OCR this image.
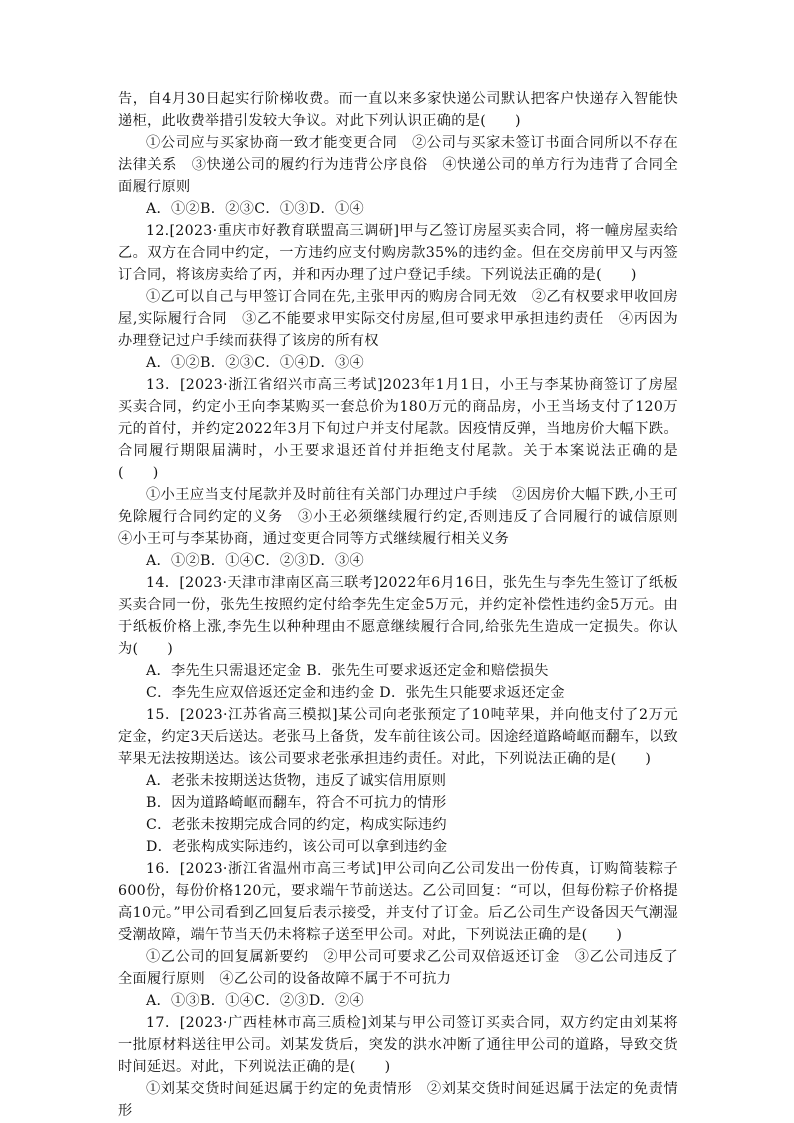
告，自4月30日起实行阶梯收费。而一直以来多家快递公司默认把客户快递存入智能快递柜，此收费举措引发较大争议。对此下列认识正确的是(　　)

①公司应与买家协商一致才能变更合同　②公司与买家未签订书面合同所以不存在法律关系　③快递公司的履约行为违背公序良俗　④快递公司的单方行为违背了合同全面履行原则

A．①②B．②③C．①③D．①④

12.[2023·重庆市好教育联盟高三调研]甲与乙签订房屋买卖合同，将一幢房屋卖给乙。双方在合同中约定，一方违约应支付购房款35%的违约金。但在交房前甲又与丙签订合同，将该房卖给了丙，并和丙办理了过户登记手续。下列说法正确的是(　　)

①乙可以自己与甲签订合同在先,主张甲丙的购房合同无效　②乙有权要求甲收回房屋,实际履行合同　③乙不能要求甲实际交付房屋,但可要求甲承担违约责任　④丙因为办理登记过户手续而获得了该房的所有权

A．①②B．②③C．①④D．③④

13．[2023·浙江省绍兴市高三考试]2023年1月1日，小王与李某协商签订了房屋买卖合同，约定小王向李某购买一套总价为180万元的商品房，小王当场支付了120万元的首付，并约定2022年3月下旬过户并支付尾款。因疫情反弹，当地房价大幅下跌。合同履行期限届满时，小王要求退还首付并拒绝支付尾款。关于本案说法正确的是(　　)

①小王应当支付尾款并及时前往有关部门办理过户手续　②因房价大幅下跌,小王可免除履行合同约定的义务　③小王必须继续履行约定,否则违反了合同履行的诚信原则　④小王可与李某协商，通过变更合同等方式继续履行相关义务

A．①②B．①④C．②③D．③④

14．[2023·天津市津南区高三联考]2022年6月16日，张先生与李先生签订了纸板买卖合同一份，张先生按照约定付给李先生定金5万元，并约定补偿性违约金5万元。由于纸板价格上涨,李先生以种种理由不愿意继续履行合同,给张先生造成一定损失。你认为(　　)

A．李先生只需退还定金 B．张先生可要求返还定金和赔偿损失

C．李先生应双倍返还定金和违约金 D．张先生只能要求返还定金

15．[2023·江苏省高三模拟]某公司向老张预定了10吨苹果，并向他支付了2万元定金，约定3天后送达。老张马上备货，发车前往该公司。因途经道路崎岖而翻车，以致苹果无法按期送达。该公司要求老张承担违约责任。对此，下列说法正确的是(　　)

A．老张未按期送达货物，违反了诚实信用原则

B．因为道路崎岖而翻车，符合不可抗力的情形

C．老张未按期完成合同的约定，构成实际违约

D．老张构成实际违约，该公司可以拿到违约金

16．[2023·浙江省温州市高三考试]甲公司向乙公司发出一份传真，订购简装粽子600份，每份价格120元，要求端午节前送达。乙公司回复：“可以，但每份粽子价格提高10元。”甲公司看到乙回复后表示接受，并支付了订金。后乙公司生产设备因天气潮湿受潮故障，端午节当天仍未将粽子送至甲公司。对此，下列说法正确的是(　　)

①乙公司的回复属新要约　②甲公司可要求乙公司双倍返还订金　③乙公司违反了全面履行原则　④乙公司的设备故障不属于不可抗力

A．①③B．①④C．②③D．②④

17．[2023·广西桂林市高三质检]刘某与甲公司签订买卖合同，双方约定由刘某将一批原材料送往甲公司。刘某发货后，突发的洪水冲断了通往甲公司的道路，导致交货时间延迟。对此，下列说法正确的是(　　)

①刘某交货时间延迟属于约定的免责情形　②刘某交货时间延迟属于法定的免责情形
